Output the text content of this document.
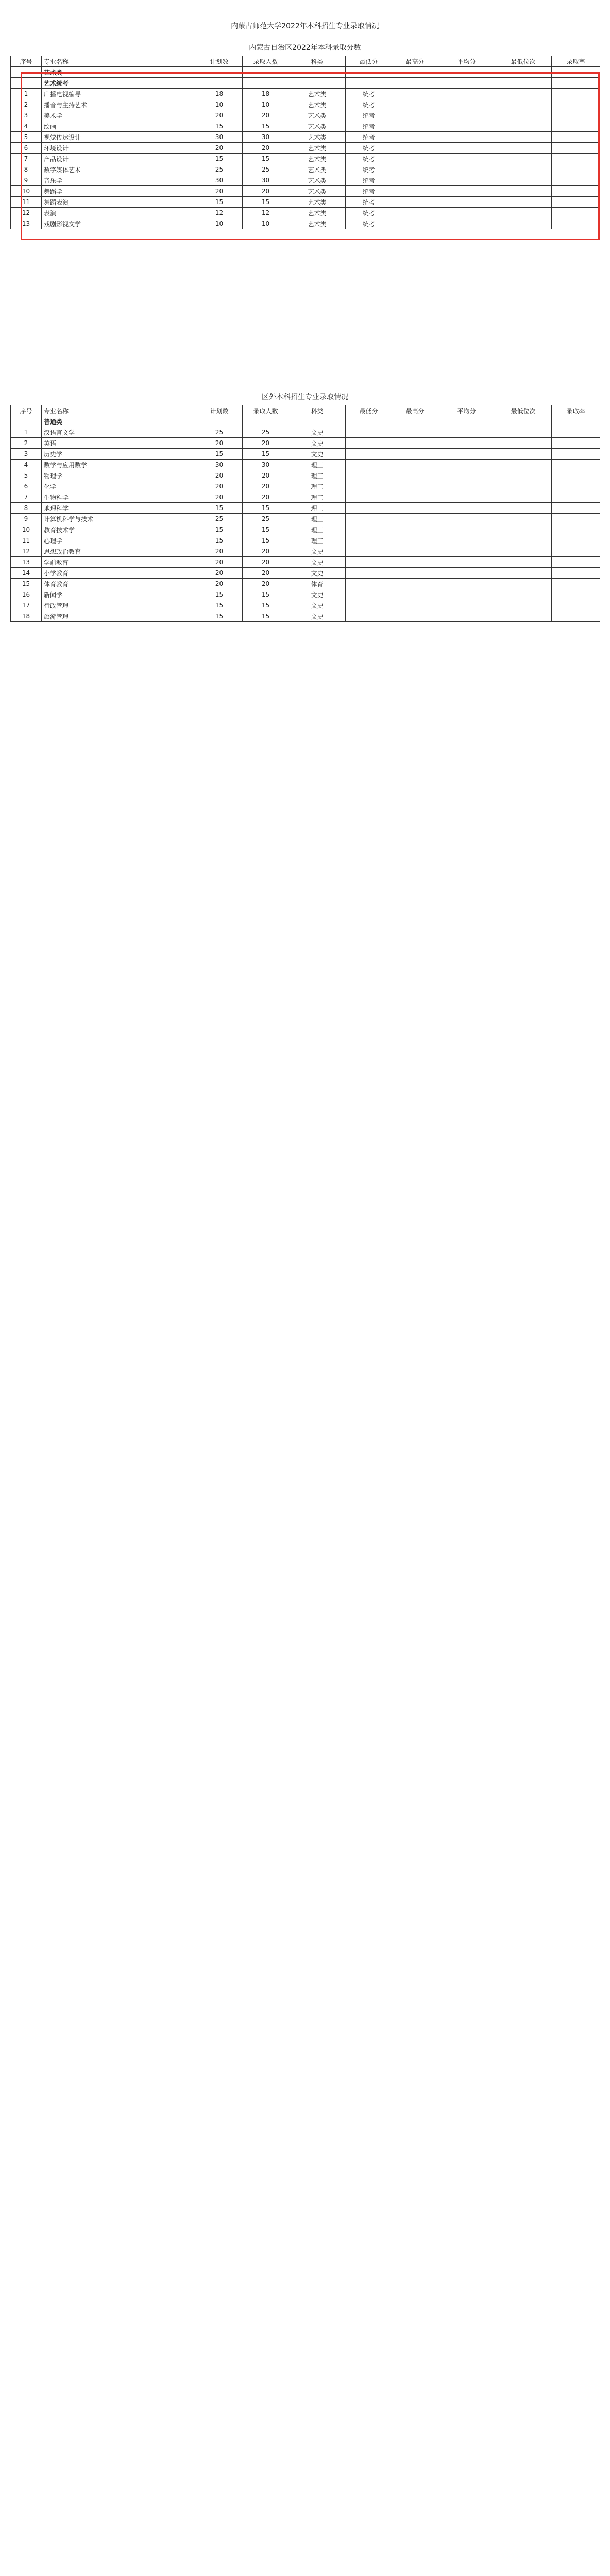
内蒙古师范大学2022年本科招生专业录取情况
内蒙古自治区2022年本科录取分数
序号	专业名称	计划数	录取人数	科类	最低分	最高分	平均分	最低位次	录取率
	艺术类								
	艺术统考								
1	广播电视编导	18	18	艺术类	统考				
2	播音与主持艺术	10	10	艺术类	统考				
3	美术学	20	20	艺术类	统考				
4	绘画	15	15	艺术类	统考				
5	视觉传达设计	30	30	艺术类	统考				
6	环境设计	20	20	艺术类	统考				
7	产品设计	15	15	艺术类	统考				
8	数字媒体艺术	25	25	艺术类	统考				
9	音乐学	30	30	艺术类	统考				
10	舞蹈学	20	20	艺术类	统考				
11	舞蹈表演	15	15	艺术类	统考				
12	表演	12	12	艺术类	统考				
13	戏剧影视文学	10	10	艺术类	统考				
区外本科招生专业录取情况
序号	专业名称	计划数	录取人数	科类	最低分	最高分	平均分	最低位次	录取率
	普通类								
1	汉语言文学	25	25	文史					
2	英语	20	20	文史					
3	历史学	15	15	文史					
4	数学与应用数学	30	30	理工					
5	物理学	20	20	理工					
6	化学	20	20	理工					
7	生物科学	20	20	理工					
8	地理科学	15	15	理工					
9	计算机科学与技术	25	25	理工					
10	教育技术学	15	15	理工					
11	心理学	15	15	理工					
12	思想政治教育	20	20	文史					
13	学前教育	20	20	文史					
14	小学教育	20	20	文史					
15	体育教育	20	20	体育					
16	新闻学	15	15	文史					
17	行政管理	15	15	文史					
18	旅游管理	15	15	文史					
